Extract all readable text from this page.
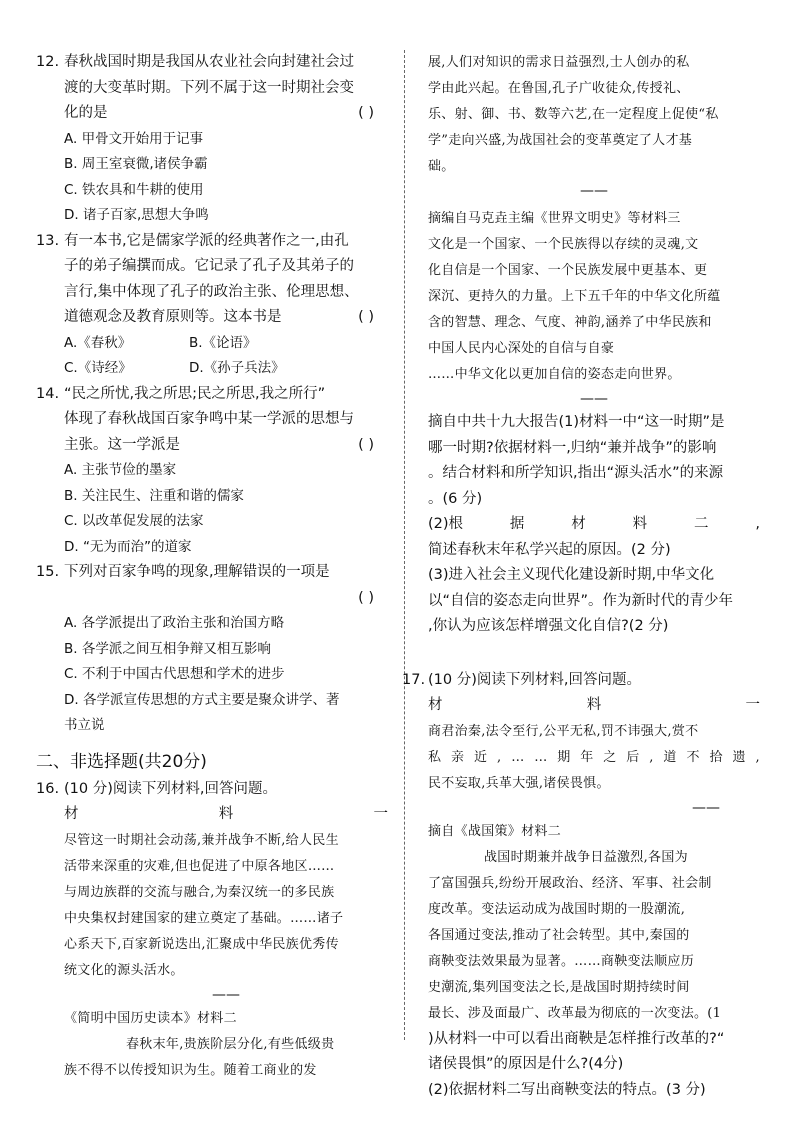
12. 春秋战国时期是我国从农业社会向封建社会过
渡的大变革时期。下列不属于这一时期社会变
化的是	( )
A. 甲骨文开始用于记事
B. 周王室衰微,诸侯争霸
C. 铁农具和牛耕的使用
D. 诸子百家,思想大争鸣
13. 有一本书,它是儒家学派的经典著作之一,由孔
子的弟子编撰而成。它记录了孔子及其弟子的
言行,集中体现了孔子的政治主张、伦理思想、
道德观念及教育原则等。这本书是	( )
A.《春秋》	B.《论语》
C.《诗经》	D.《孙子兵法》
14. “民之所忧,我之所思;民之所思,我之所行”
体现了春秋战国百家争鸣中某一学派的思想与
主张。这一学派是	( )
A. 主张节俭的墨家
B. 关注民生、注重和谐的儒家
C. 以改革促发展的法家
D. “无为而治”的道家
15. 下列对百家争鸣的现象,理解错误的一项是
( )
A. 各学派提出了政治主张和治国方略
B. 各学派之间互相争辩又相互影响
C. 不利于中国古代思想和学术的进步
D. 各学派宣传思想的方式主要是聚众讲学、著
书立说
二、非选择题(共20分)
16. (10 分)阅读下列材料,回答问题。
材	料	一
尽管这一时期社会动荡,兼并战争不断,给人民生
活带来深重的灾难,但也促进了中原各地区……
与周边族群的交流与融合,为秦汉统一的多民族
中央集权封建国家的建立奠定了基础。……诸子
心系天下,百家新说迭出,汇聚成中华民族优秀传
统文化的源头活水。
——
《简明中国历史读本》材料二
春秋末年,贵族阶层分化,有些低级贵
族不得不以传授知识为生。随着工商业的发
展,人们对知识的需求日益强烈,士人创办的私
学由此兴起。在鲁国,孔子广收徒众,传授礼、
乐、射、御、书、数等六艺,在一定程度上促使“私
学”走向兴盛,为战国社会的变革奠定了人才基
础。
——
摘编自马克垚主编《世界文明史》等材料三
文化是一个国家、一个民族得以存续的灵魂,文
化自信是一个国家、一个民族发展中更基本、更
深沉、更持久的力量。上下五千年的中华文化所蕴
含的智慧、理念、气度、神韵,涵养了中华民族和
中国人民内心深处的自信与自豪
……中华文化以更加自信的姿态走向世界。
——
摘自中共十九大报告(1)材料一中“这一时期”是
哪一时期?依据材料一,归纳“兼并战争”的影响
。结合材料和所学知识,指出“源头活水”的来源
。(6 分)
(2)根	据	材	料	二	,
简述春秋末年私学兴起的原因。(2 分)
(3)进入社会主义现代化建设新时期,中华文化
以“自信的姿态走向世界”。作为新时代的青少年
,你认为应该怎样增强文化自信?(2 分)
17. (10 分)阅读下列材料,回答问题。
材	料	一
商君治秦,法令至行,公平无私,罚不讳强大,赏不
私 亲 近 , … … 期 年 之 后 , 道 不 拾 遗 ,
民不妄取,兵革大强,诸侯畏惧。
——
摘自《战国策》材料二
战国时期兼并战争日益激烈,各国为
了富国强兵,纷纷开展政治、经济、军事、社会制
度改革。变法运动成为战国时期的一股潮流,
各国通过变法,推动了社会转型。其中,秦国的
商鞅变法效果最为显著。……商鞅变法顺应历
史潮流,集列国变法之长,是战国时期持续时间
最长、涉及面最广、改革最为彻底的一次变法。(1
)从材料一中可以看出商鞅是怎样推行改革的?“
诸侯畏惧”的原因是什么?(4分)
(2)依据材料二写出商鞅变法的特点。(3 分)
